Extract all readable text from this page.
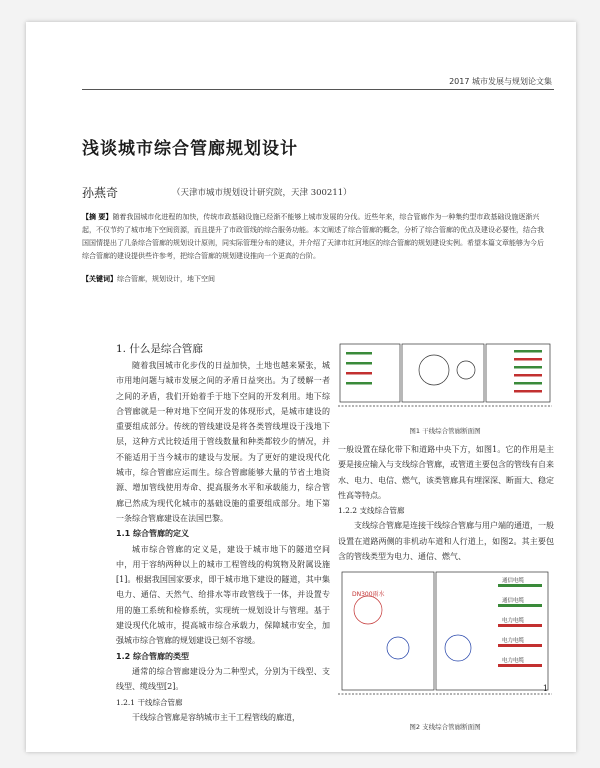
2017 城市发展与规划论文集
浅谈城市综合管廊规划设计
孙燕奇	（天津市城市规划设计研究院，天津 300211）
【摘 要】随着我国城市化进程的加快，传统市政基础设施已经渐不能够上城市发展的分伐。近些年来，综合管廊作为一种集约型市政基础设施逐渐兴起，不仅节约了城市地下空间资源，而且提升了市政管线的综合服务功能。本文阐述了综合管廊的概念，分析了综合管廊的优点及建设必要性，结合我国国情提出了几条综合管廊的规划设计原则，同实际管理分布的建议，并介绍了天津市红河地区的综合管廊的规划建设实例。希望本篇文章能够为今后综合管廊的建设提供些许参考，把综合管廊的规划建设推向一个更高的台阶。
【关键词】综合管廊，规划设计，地下空间
1. 什么是综合管廊

随着我国城市化步伐的日益加快，土地也越来紧张，城市用地问题与城市发展之间的矛盾日益突出。为了缓解一者之间的矛盾，我们开始着手于地下空间的开发利用。地下综合管廊就是一种对地下空间开发的体现形式，是城市建设的重要组成部分。传统的管线建设是将各类管线埋设于浅地下层，这种方式比较适用于管线数量和种类都较少的情况，并不能适用于当今城市的建设与发展。为了更好的建设现代化城市，综合管廊应运而生。综合管廊能够大量的节省土地资源、增加管线使用寿命、提高服务水平和承载能力，综合管廊已然成为现代化城市的基础设施的重要组成部分。地下第一条综合管廊建设在法国巴黎。

1.1 综合管廊的定义

城市综合管廊的定义是，建设于城市地下的隧道空间中，用于容纳两种以上的城市工程管线的构筑物及附属设施[1]。根据我国国家要求，即于城市地下建设的隧道，其中集电力、通信、天然气、给排水等市政管线于一体，并设置专用的施工系统和检修系统，实现统一规划设计与管理。基于建设现代化城市，提高城市综合承载力，保障城市安全，加强城市综合管廊的规划建设已刻不容缓。

1.2 综合管廊的类型

通常的综合管廊建设分为二种型式，分别为干线型、支线型、缆线型[2]。

1.2.1 干线综合管廊

干线综合管廊是容纳城市主干工程管线的廊道，

图1 干线综合管廊断面图

一般设置在绿化带下和道路中央下方，如图1。它的作用是主要是接应输入与支线综合管廊，或管道主要包含的管线有自来水、电力、电信、燃气，该类管廊具有埋深深、断面大、稳定性高等特点。

1.2.2 支线综合管廊

支线综合管廊是连接干线综合管廊与用户端的通道，一般设置在道路两侧的非机动车道和人行道上，如图2。其主要包含的管线类型为电力、通信、燃气、

DN300雨水
通信电缆
通信电缆
电力电缆
电力电缆
电力电缆
图2 支线综合管廊断面图
1
